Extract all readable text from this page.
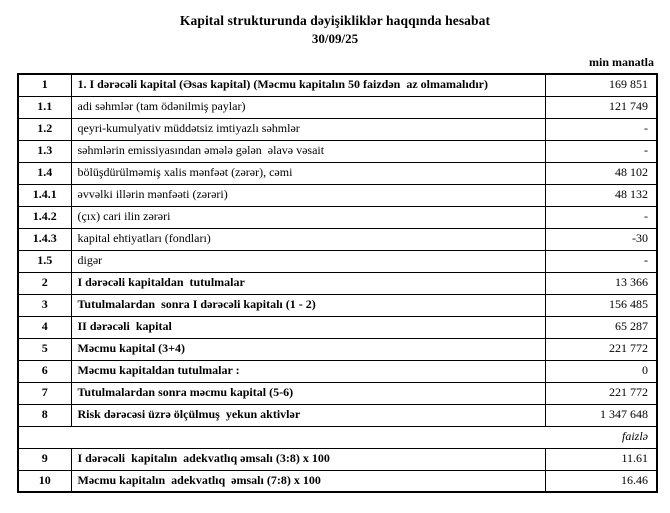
Kapital strukturunda dəyişikliklər haqqında hesabat
30/09/25
min manatla
1	1. I dərəcəli kapital (Əsas kapital) (Məcmu kapitalın 50 faizdən  az olmamalıdır)	169 851
1.1	adi səhmlər (tam ödənilmiş paylar)	121 749
1.2	qeyri-kumulyativ müddətsiz imtiyazlı səhmlər	-
1.3	səhmlərin emissiyasından əmələ gələn  əlavə vəsait	-
1.4	bölüşdürülməmiş xalis mənfəət (zərər), cəmi	48 102
1.4.1	əvvəlki illərin mənfəəti (zərəri)	48 132
1.4.2	(çıx) cari ilin zərəri	-
1.4.3	kapital ehtiyatları (fondları)	-30
1.5	digər	-
2	I dərəcəli kapitaldan  tutulmalar	13 366
3	Tutulmalardan  sonra I dərəcəli kapitalı (1 - 2)	156 485
4	II dərəcəli  kapital	65 287
5	Məcmu kapital (3+4)	221 772
6	Məcmu kapitaldan tutulmalar :	0
7	Tutulmalardan sonra məcmu kapital (5-6)	221 772
8	Risk dərəcəsi üzrə ölçülmuş  yekun aktivlər	1 347 648
faizlə		
9	I dərəcəli  kapitalın  adekvatlıq əmsalı (3:8) x 100	11.61
10	Məcmu kapitalın  adekvatlıq  əmsalı (7:8) x 100	16.46
